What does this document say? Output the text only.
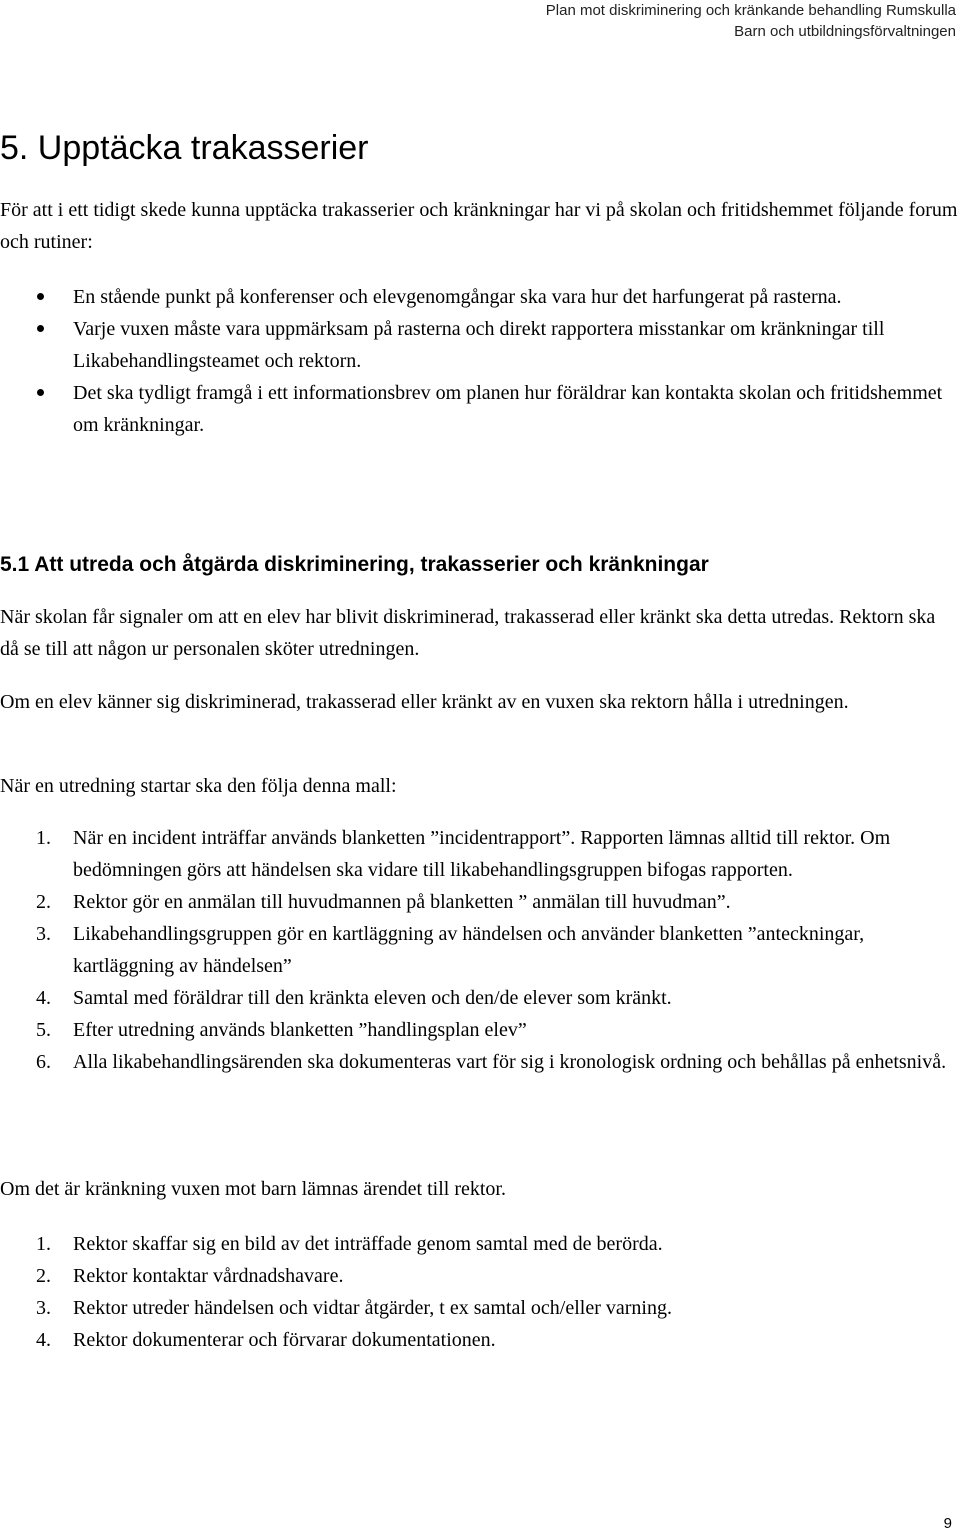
Plan mot diskriminering och kränkande behandling Rumskulla
Barn och utbildningsförvaltningen
5. Upptäcka trakasserier

För att i ett tidigt skede kunna upptäcka trakasserier och kränkningar har vi på skolan och fritidshemmet följande forum och rutiner:

En stående punkt på konferenser och elevgenomgångar ska vara hur det harfungerat på rasterna.
Varje vuxen måste vara uppmärksam på rasterna och direkt rapportera misstankar om kränkningar till Likabehandlingsteamet och rektorn.
Det ska tydligt framgå i ett informationsbrev om planen hur föräldrar kan kontakta skolan och fritidshemmet om kränkningar.
5.1 Att utreda och åtgärda diskriminering, trakasserier och kränkningar

När skolan får signaler om att en elev har blivit diskriminerad, trakasserad eller kränkt ska detta utredas. Rektorn ska då se till att någon ur personalen sköter utredningen.

Om en elev känner sig diskriminerad, trakasserad eller kränkt av en vuxen ska rektorn hålla i utredningen.

När en utredning startar ska den följa denna mall:

1. När en incident inträffar används blanketten ”incidentrapport”. Rapporten lämnas alltid till rektor. Om bedömningen görs att händelsen ska vidare till likabehandlingsgruppen bifogas rapporten.
2. Rektor gör en anmälan till huvudmannen på blanketten ” anmälan till huvudman”.
3. Likabehandlingsgruppen gör en kartläggning av händelsen och använder blanketten ”anteckningar, kartläggning av händelsen”
4. Samtal med föräldrar till den kränkta eleven och den/de elever som kränkt.
5. Efter utredning används blanketten ”handlingsplan elev”
6. Alla likabehandlingsärenden ska dokumenteras vart för sig i kronologisk ordning och behållas på enhetsnivå.

Om det är kränkning vuxen mot barn lämnas ärendet till rektor.

1. Rektor skaffar sig en bild av det inträffade genom samtal med de berörda.
2. Rektor kontaktar vårdnadshavare.
3. Rektor utreder händelsen och vidtar åtgärder, t ex samtal och/eller varning.
4. Rektor dokumenterar och förvarar dokumentationen.
9
